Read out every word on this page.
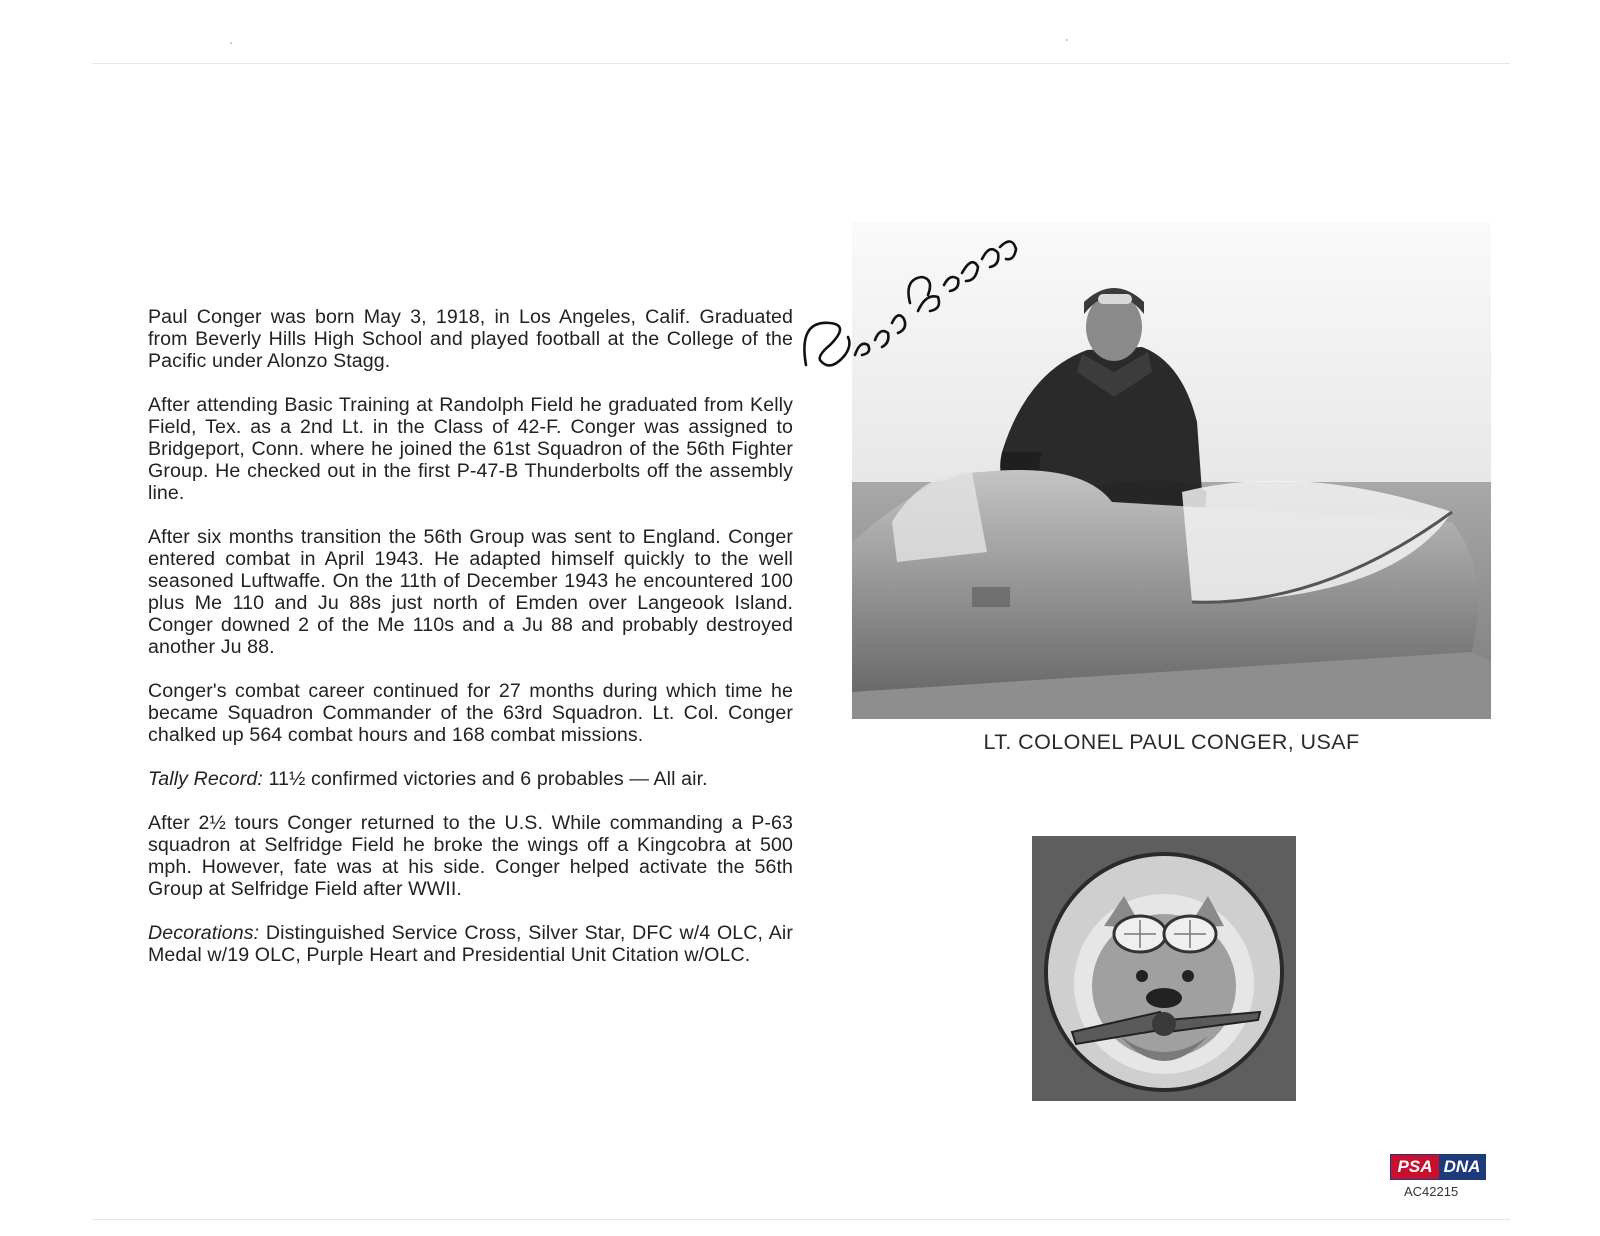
Paul Conger was born May 3, 1918, in Los Angeles, Calif. Graduated from Beverly Hills High School and played football at the College of the Pacific under Alonzo Stagg.

After attending Basic Training at Randolph Field he graduated from Kelly Field, Tex. as a 2nd Lt. in the Class of 42-F. Conger was assigned to Bridgeport, Conn. where he joined the 61st Squadron of the 56th Fighter Group. He checked out in the first P-47-B Thunderbolts off the assembly line.

After six months transition the 56th Group was sent to England. Conger entered combat in April 1943. He adapted himself quickly to the well seasoned Luftwaffe. On the 11th of December 1943 he encountered 100 plus Me 110 and Ju 88s just north of Emden over Langeook Island. Conger downed 2 of the Me 110s and a Ju 88 and probably destroyed another Ju 88.

Conger's combat career continued for 27 months during which time he became Squadron Commander of the 63rd Squadron. Lt. Col. Conger chalked up 564 combat hours and 168 combat missions.

Tally Record: 11½ confirmed victories and 6 probables — All air.

After 2½ tours Conger returned to the U.S. While commanding a P-63 squadron at Selfridge Field he broke the wings off a Kingcobra at 500 mph. However, fate was at his side. Conger helped activate the 56th Group at Selfridge Field after WWII.

Decorations: Distinguished Service Cross, Silver Star, DFC w/4 OLC, Air Medal w/19 OLC, Purple Heart and Presidential Unit Citation w/OLC.

LT. COLONEL PAUL CONGER, USAF
PSA DNA
AC42215
